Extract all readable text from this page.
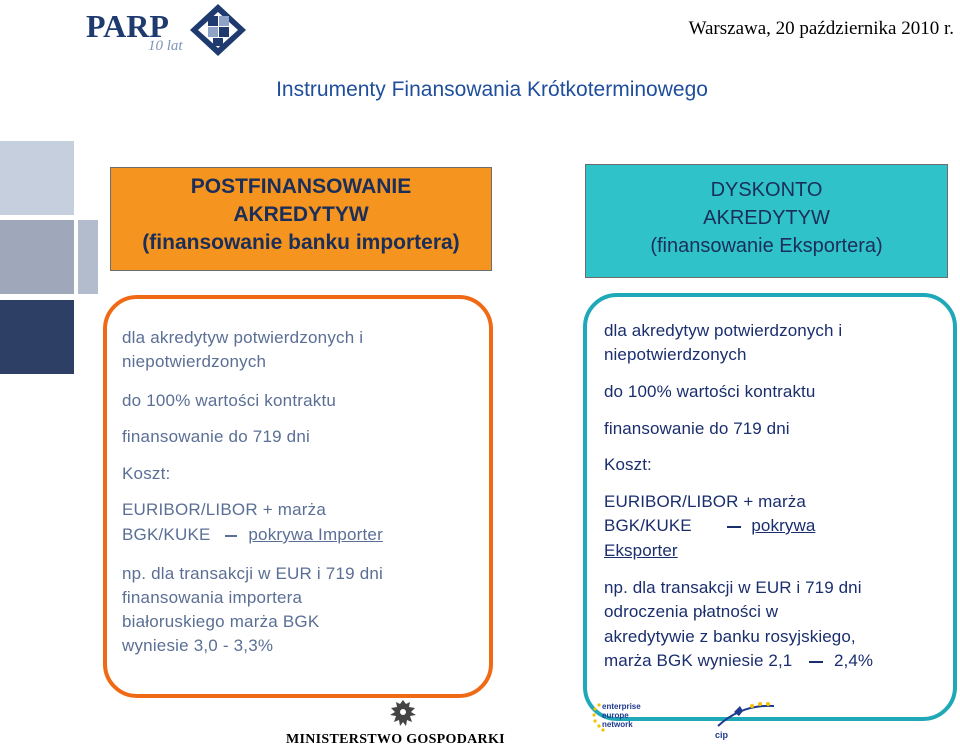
PARP
10 lat
Warszawa, 20 października 2010 r.
Instrumenty Finansowania Krótkoterminowego
POSTFINANSOWANIE
AKREDYTYW
(finansowanie banku importera)
DYSKONTO
AKREDYTYW
(finansowanie Eksportera)
dla akredytyw potwierdzonych i
niepotwierdzonych
do 100% wartości kontraktu
finansowanie do 719 dni
Koszt:
EURIBOR/LIBOR + marża
BGK/KUKE pokrywa Importer
np. dla transakcji w EUR i 719 dni
finansowania importera
białoruskiego marża BGK
wyniesie 3,0 - 3,3%
dla akredytyw potwierdzonych i
niepotwierdzonych
do 100% wartości kontraktu
finansowanie do 719 dni
Koszt:
EURIBOR/LIBOR + marża
BGK/KUKE	pokrywa
Eksporter
np. dla transakcji w EUR i 719 dni
odroczenia płatności w
akredytywie z banku rosyjskiego,
marża BGK wyniesie 2,1 2,4%
MINISTERSTWO GOSPODARKI
enterprise europe network
cip
